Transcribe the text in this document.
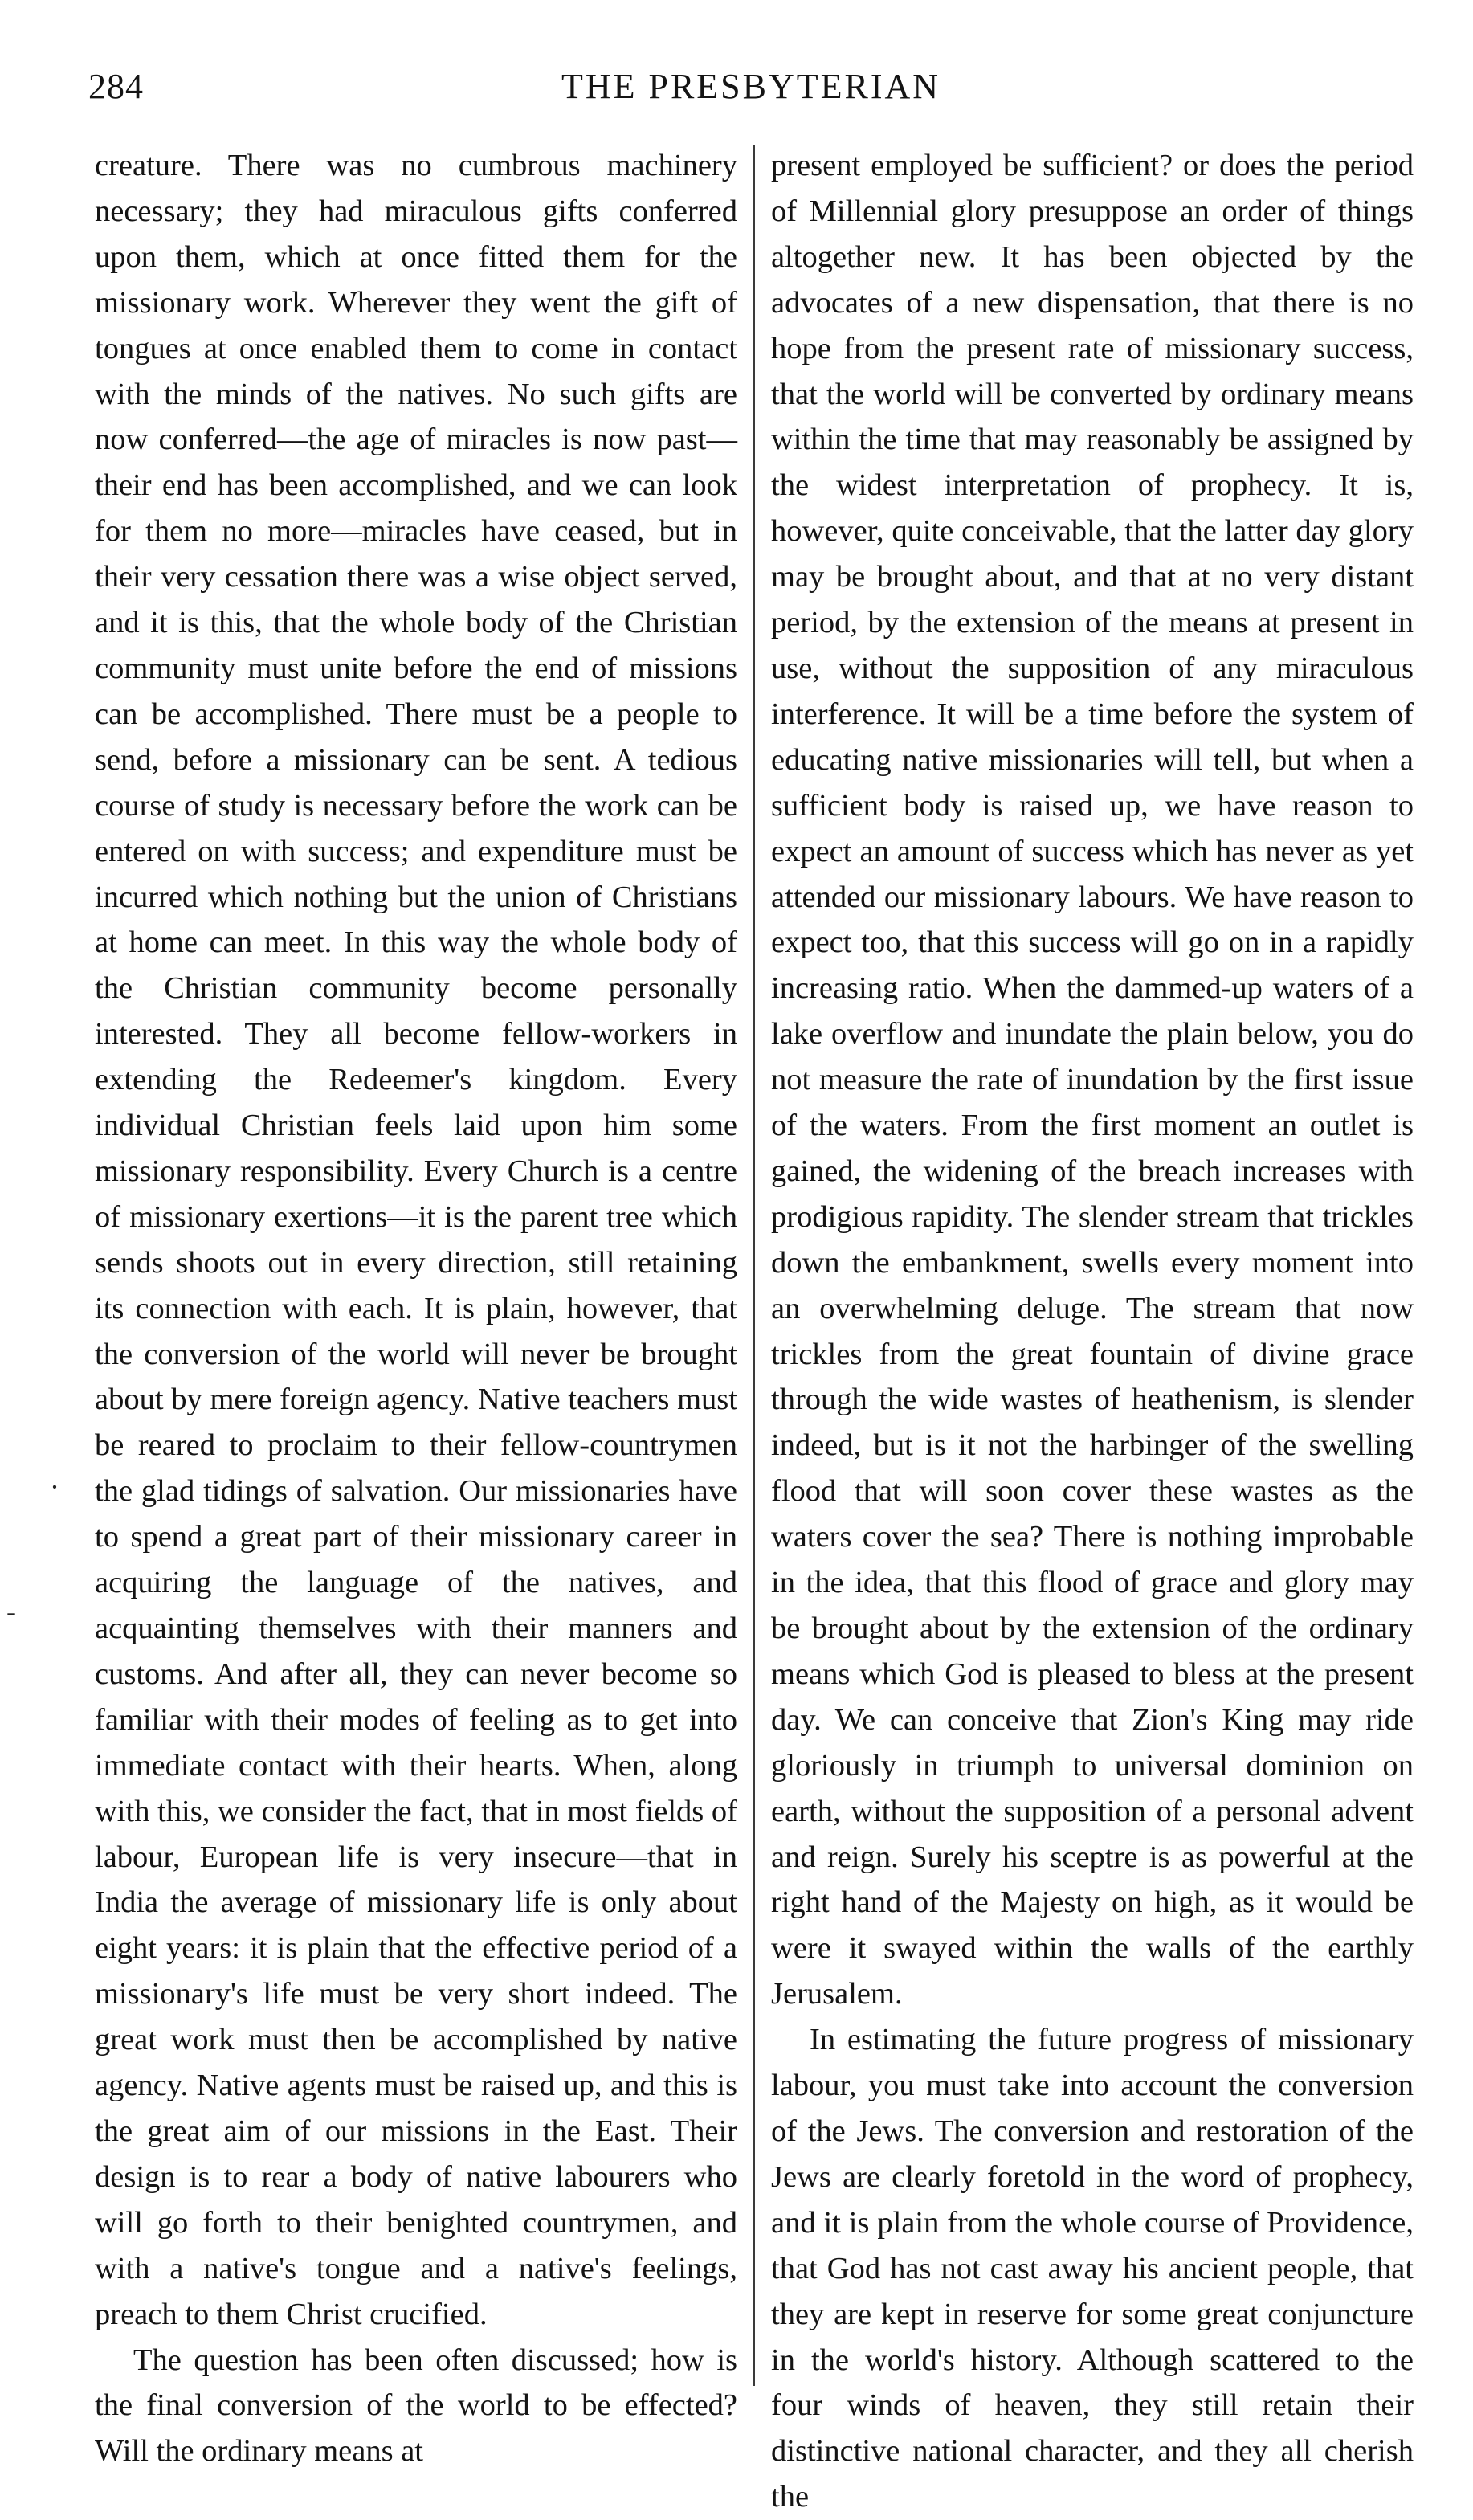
284	THE PRESBYTERIAN

creature. There was no cumbrous machinery necessary; they had miraculous gifts conferred upon them, which at once fitted them for the missionary work. Wherever they went the gift of tongues at once enabled them to come in contact with the minds of the natives. No such gifts are now conferred—the age of miracles is now past—their end has been accomplished, and we can look for them no more—miracles have ceased, but in their very cessation there was a wise object served, and it is this, that the whole body of the Christian community must unite before the end of missions can be accomplished. There must be a people to send, before a missionary can be sent. A tedious course of study is necessary before the work can be entered on with success; and expenditure must be incurred which nothing but the union of Christians at home can meet. In this way the whole body of the Christian community become personally interested. They all become fellow-workers in extending the Redeemer's kingdom. Every individual Christian feels laid upon him some missionary responsibility. Every Church is a centre of missionary exertions—it is the parent tree which sends shoots out in every direction, still retaining its connection with each. It is plain, however, that the conversion of the world will never be brought about by mere foreign agency. Native teachers must be reared to proclaim to their fellow-countrymen the glad tidings of salvation. Our missionaries have to spend a great part of their missionary career in acquiring the language of the natives, and acquainting themselves with their manners and customs. And after all, they can never become so familiar with their modes of feeling as to get into immediate contact with their hearts. When, along with this, we consider the fact, that in most fields of labour, European life is very insecure—that in India the average of missionary life is only about eight years: it is plain that the effective period of a missionary's life must be very short indeed. The great work must then be accomplished by native agency. Native agents must be raised up, and this is the great aim of our missions in the East. Their design is to rear a body of native labourers who will go forth to their benighted countrymen, and with a native's tongue and a native's feelings, preach to them Christ crucified.

The question has been often discussed; how is the final conversion of the world to be effected? Will the ordinary means at

present employed be sufficient? or does the period of Millennial glory presuppose an order of things altogether new. It has been objected by the advocates of a new dispensation, that there is no hope from the present rate of missionary success, that the world will be converted by ordinary means within the time that may reasonably be assigned by the widest interpretation of prophecy. It is, however, quite conceivable, that the latter day glory may be brought about, and that at no very distant period, by the extension of the means at present in use, without the supposition of any miraculous interference. It will be a time before the system of educating native missionaries will tell, but when a sufficient body is raised up, we have reason to expect an amount of success which has never as yet attended our missionary labours. We have reason to expect too, that this success will go on in a rapidly increasing ratio. When the dammed-up waters of a lake overflow and inundate the plain below, you do not measure the rate of inundation by the first issue of the waters. From the first moment an outlet is gained, the widening of the breach increases with prodigious rapidity. The slender stream that trickles down the embankment, swells every moment into an overwhelming deluge. The stream that now trickles from the great fountain of divine grace through the wide wastes of heathenism, is slender indeed, but is it not the harbinger of the swelling flood that will soon cover these wastes as the waters cover the sea? There is nothing improbable in the idea, that this flood of grace and glory may be brought about by the extension of the ordinary means which God is pleased to bless at the present day. We can conceive that Zion's King may ride gloriously in triumph to universal dominion on earth, without the supposition of a personal advent and reign. Surely his sceptre is as powerful at the right hand of the Majesty on high, as it would be were it swayed within the walls of the earthly Jerusalem.

In estimating the future progress of missionary labour, you must take into account the conversion of the Jews. The conversion and restoration of the Jews are clearly foretold in the word of prophecy, and it is plain from the whole course of Providence, that God has not cast away his ancient people, that they are kept in reserve for some great conjuncture in the world's history. Although scattered to the four winds of heaven, they still retain their distinctive national character, and they all cherish the

·
-
